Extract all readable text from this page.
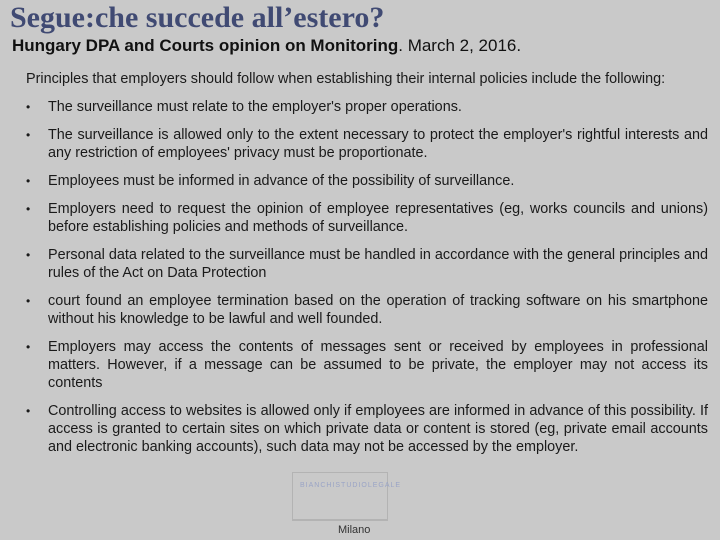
Segue:che succede all’estero?
Hungary DPA and Courts opinion on Monitoring. March 2, 2016.

Principles that employers should follow when establishing their internal policies include the following:

• The surveillance must relate to the employer's proper operations.
• The surveillance is allowed only to the extent necessary to protect the employer's rightful interests and any restriction of employees' privacy must be proportionate.
• Employees must be informed in advance of the possibility of surveillance.
• Employers need to request the opinion of employee representatives (eg, works councils and unions) before establishing policies and methods of surveillance.
• Personal data related to the surveillance must be handled in accordance with the general principles and rules of the Act on Data Protection
• court found an employee termination based on the operation of tracking software on his smartphone without his knowledge to be lawful and well founded.
• Employers may access the contents of messages sent or received by employees in professional matters. However, if a message can be assumed to be private, the employer may not access its contents
• Controlling access to websites is allowed only if employees are informed in advance of this possibility. If access is granted to certain sites on which private data or content is stored (eg, private email accounts and electronic banking accounts), such data may not be accessed by the employer.
BIANCHISTUDIOLEGALE
Milano
